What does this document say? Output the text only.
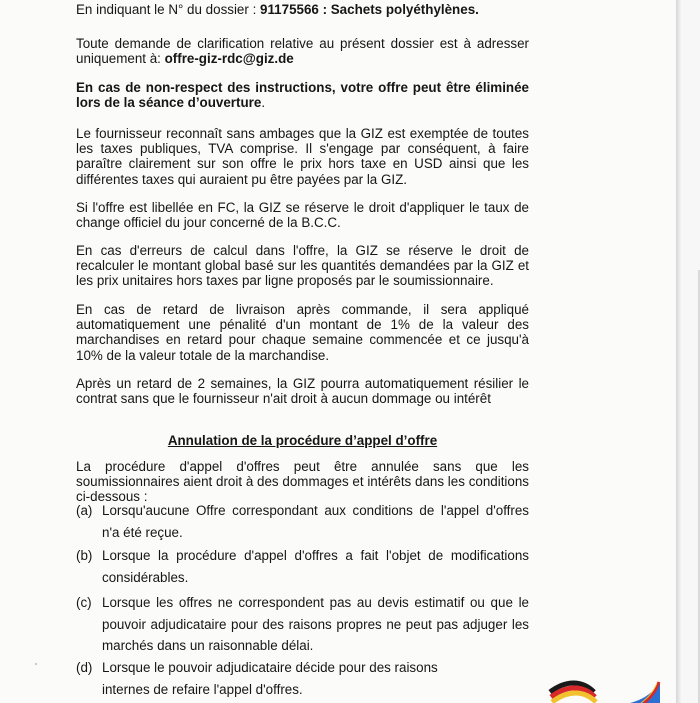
En indiquant le N° du dossier : 91175566 : Sachets polyéthylènes.

Toute demande de clarification relative au présent dossier est à adresser uniquement à: offre-giz-rdc@giz.de

En cas de non-respect des instructions, votre offre peut être éliminée lors de la séance d’ouverture.

Le fournisseur reconnaît sans ambages que la GIZ est exemptée de toutes les taxes publiques, TVA comprise. Il s'engage par conséquent, à faire paraître clairement sur son offre le prix hors taxe en USD ainsi que les différentes taxes qui auraient pu être payées par la GIZ.

Si l'offre est libellée en FC, la GIZ se réserve le droit d'appliquer le taux de change officiel du jour concerné de la B.C.C.

En cas d'erreurs de calcul dans l'offre, la GIZ se réserve le droit de recalculer le montant global basé sur les quantités demandées par la GIZ et les prix unitaires hors taxes par ligne proposés par le soumissionnaire.

En cas de retard de livraison après commande, il sera appliqué automatiquement une pénalité d'un montant de 1% de la valeur des marchandises en retard pour chaque semaine commencée et ce jusqu'à 10% de la valeur totale de la marchandise.

Après un retard de 2 semaines, la GIZ pourra automatiquement résilier le contrat sans que le fournisseur n'ait droit à aucun dommage ou intérêt

Annulation de la procédure d’appel d’offre

La procédure d'appel d'offres peut être annulée sans que les soumissionnaires aient droit à des dommages et intérêts dans les conditions ci-dessous :

(a) Lorsqu'aucune Offre correspondant aux conditions de l'appel d'offres n'a été reçue.
(b) Lorsque la procédure d'appel d'offres a fait l'objet de modifications considérables.
(c) Lorsque les offres ne correspondent pas au devis estimatif ou que le pouvoir adjudicataire pour des raisons propres ne peut pas adjuger les marchés dans un raisonnable délai.
(d) Lorsque le pouvoir adjudicataire décide pour des raisons internes de refaire l'appel d'offres.
